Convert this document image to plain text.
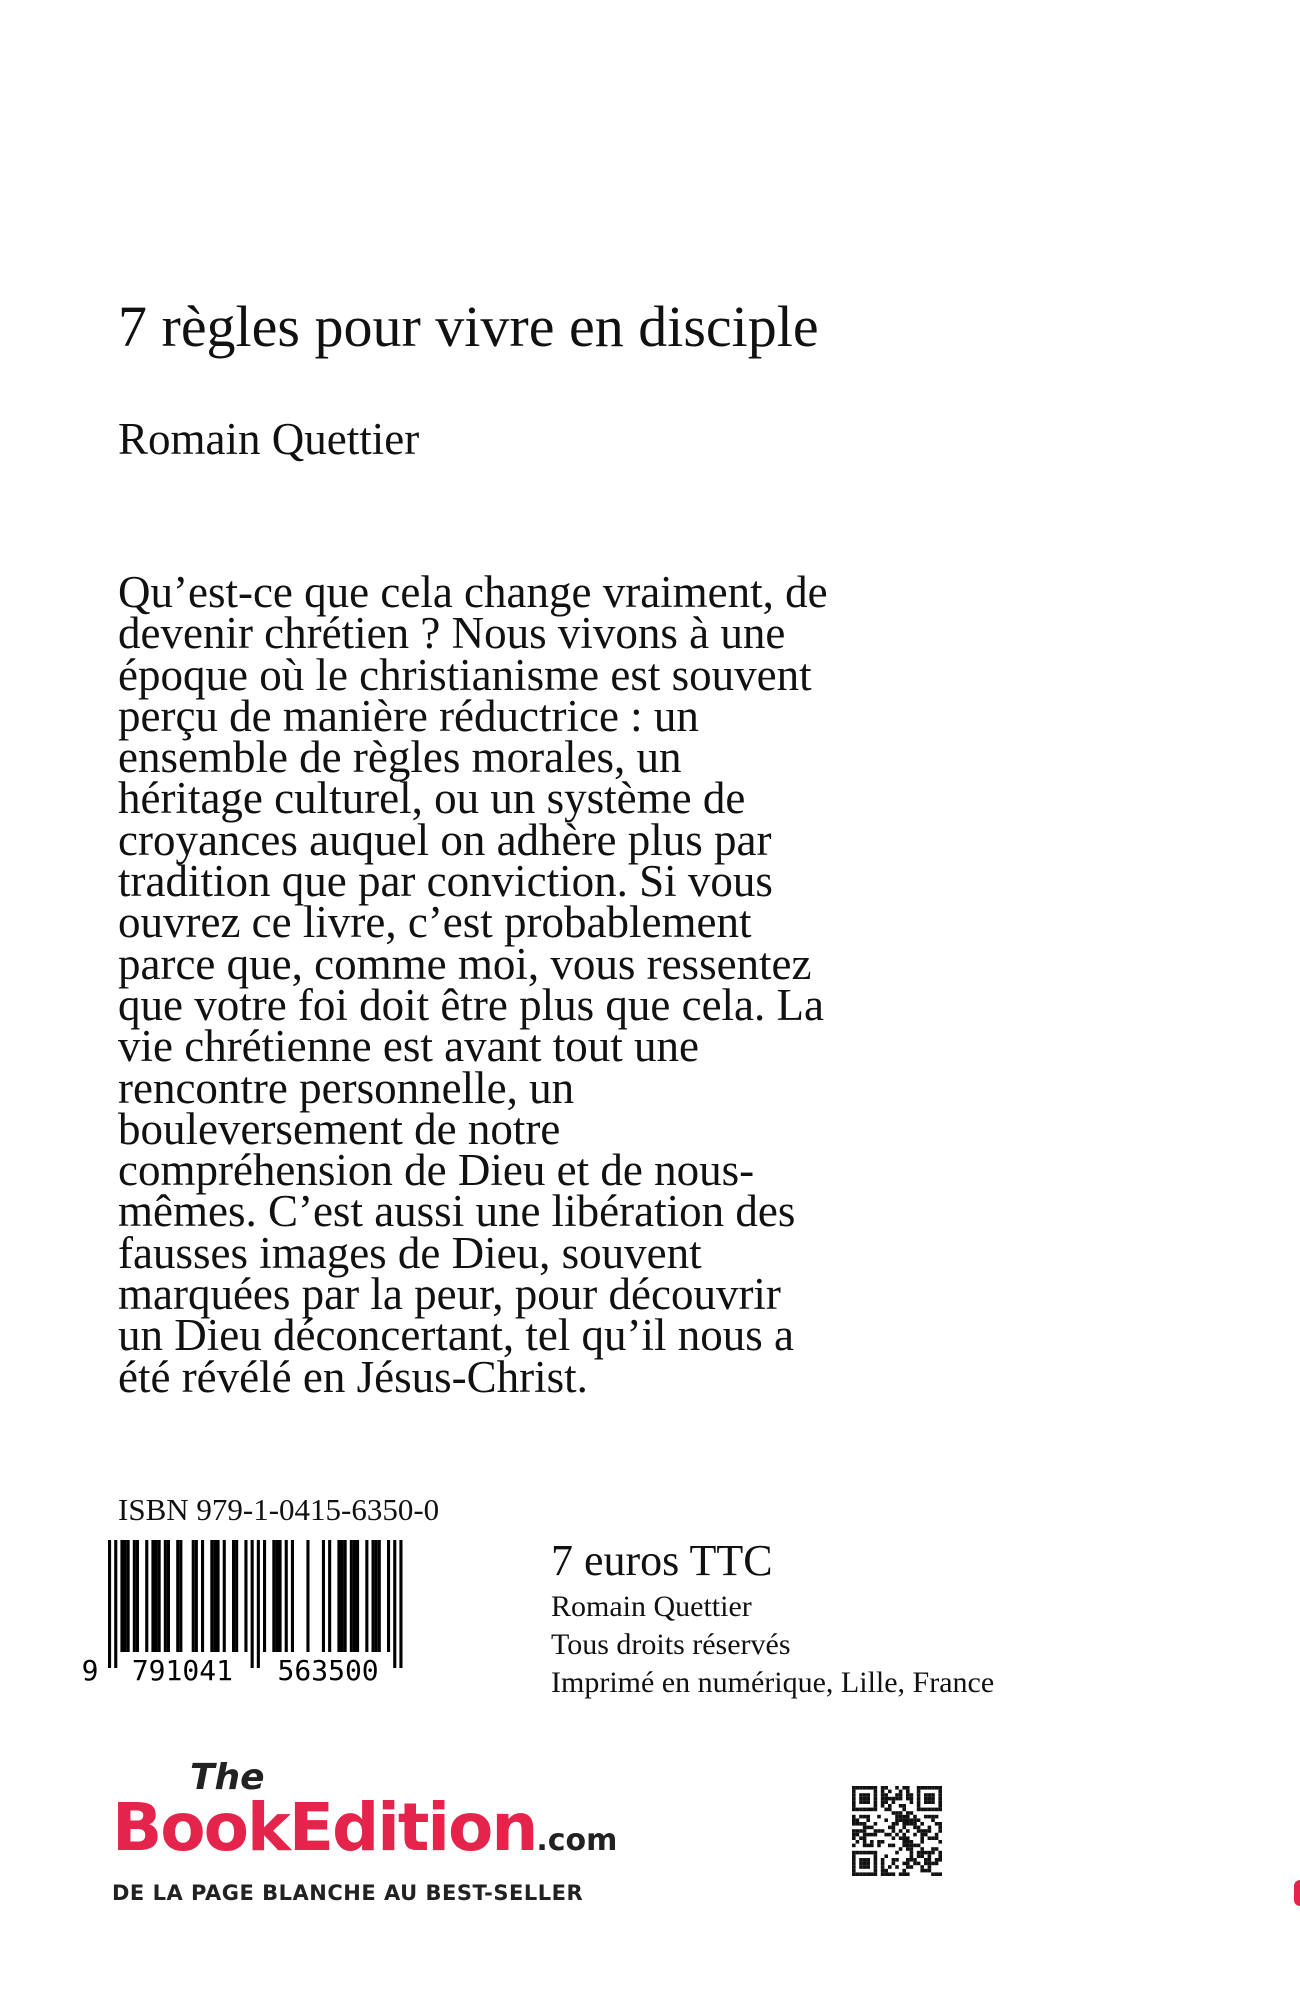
7 règles pour vivre en disciple
Romain Quettier
Qu’est-ce que cela change vraiment, de
devenir chrétien ? Nous vivons à une
époque où le christianisme est souvent
perçu de manière réductrice : un
ensemble de règles morales, un
héritage culturel, ou un système de
croyances auquel on adhère plus par
tradition que par conviction. Si vous
ouvrez ce livre, c’est probablement
parce que, comme moi, vous ressentez
que votre foi doit être plus que cela. La
vie chrétienne est avant tout une
rencontre personnelle, un
bouleversement de notre
compréhension de Dieu et de nous-
mêmes. C’est aussi une libération des
fausses images de Dieu, souvent
marquées par la peur, pour découvrir
un Dieu déconcertant, tel qu’il nous a
été révélé en Jésus-Christ.
ISBN 979-1-0415-6350-0
9 791041 563500
7 euros TTC
Romain Quettier
Tous droits réservés
Imprimé en numérique, Lille, France
The
BookEdition.com
DE LA PAGE BLANCHE AU BEST-SELLER
